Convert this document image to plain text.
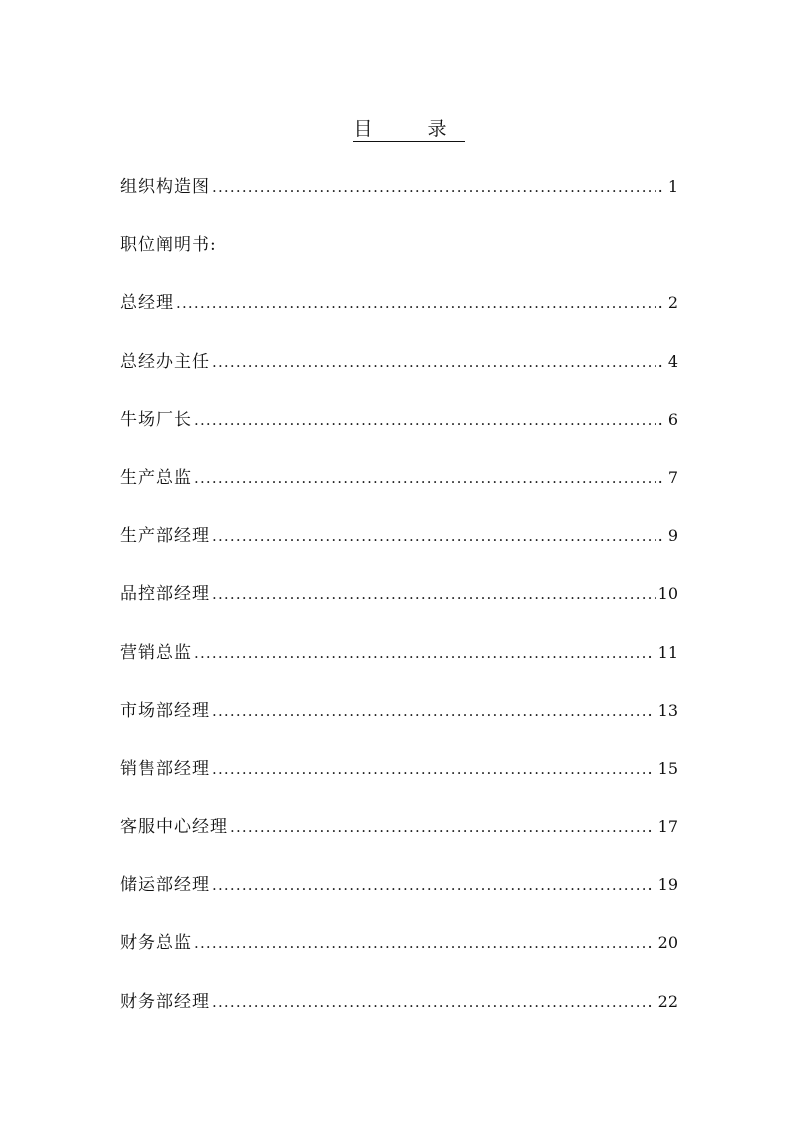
目　录
组织构造图 .....	. 1
职位阐明书:
总经理 .....	. 2
总经办主任 .....	. 4
牛场厂长 .....	. 6
生产总监 .....	. 7
生产部经理 .....	. 9
品控部经理 .....	10
营销总监 .....	. 11
市场部经理 .....	. 13
销售部经理 .....	. 15
客服中心经理 .....	. 17
储运部经理 .....	. 19
财务总监 .....	. 20
财务部经理 .....	. 22
